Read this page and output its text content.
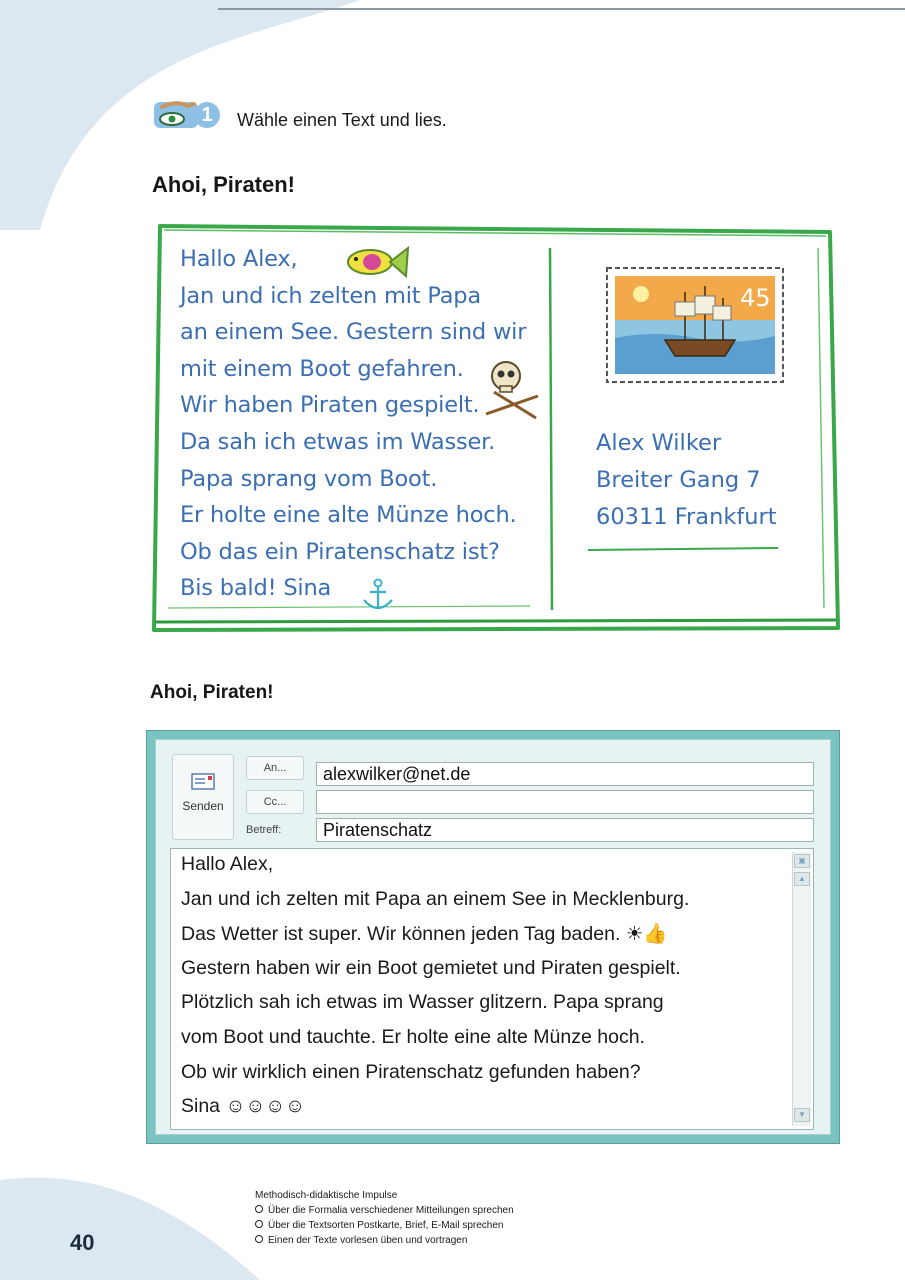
1	Wähle einen Text und lies.
Ahoi, Piraten!
Hallo Alex,
Jan und ich zelten mit Papa
an einem See. Gestern sind wir
mit einem Boot gefahren.
Wir haben Piraten gespielt.
Da sah ich etwas im Wasser.
Papa sprang vom Boot.
Er holte eine alte Münze hoch.
Ob das ein Piratenschatz ist?
Bis bald! Sina
45
Alex Wilker
Breiter Gang 7
60311 Frankfurt
Ahoi, Piraten!
Senden
An...
Cc...
Betreff:
alexwilker@net.de
Piratenschatz
Hallo Alex,
Jan und ich zelten mit Papa an einem See in Mecklenburg.
Das Wetter ist super. Wir können jeden Tag baden. ☀👍
Gestern haben wir ein Boot gemietet und Piraten gespielt.
Plötzlich sah ich etwas im Wasser glitzern. Papa sprang
vom Boot und tauchte. Er holte eine alte Münze hoch.
Ob wir wirklich einen Piratenschatz gefunden haben?
Sina ☺☺☺☺
▣
▲
▼
40
Methodisch-didaktische Impulse
Über die Formalia verschiedener Mitteilungen sprechen
Über die Textsorten Postkarte, Brief, E-Mail sprechen
Einen der Texte vorlesen üben und vortragen
